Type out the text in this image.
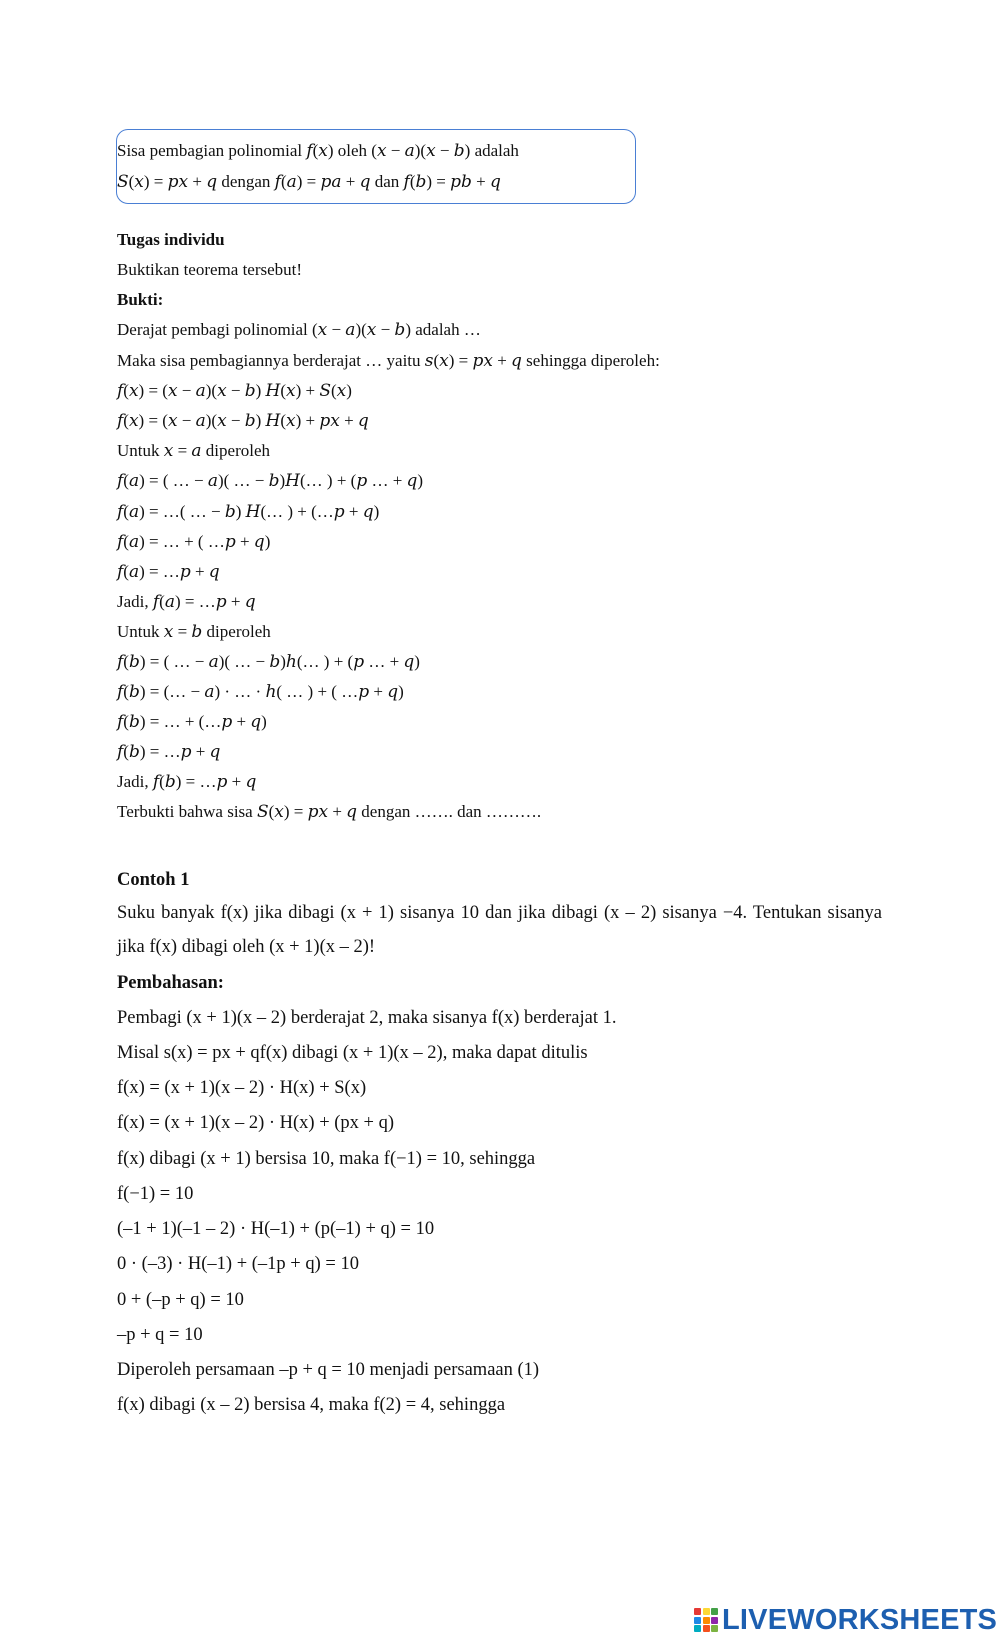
Sisa pembagian polinomial 𝑓(𝑥) oleh (𝑥 − 𝑎)(𝑥 − 𝑏) adalah
𝑆(𝑥) = 𝑝𝑥 + 𝑞 dengan 𝑓(𝑎) = 𝑝𝑎 + 𝑞 dan 𝑓(𝑏) = 𝑝𝑏 + 𝑞
Tugas individu
Buktikan teorema tersebut!
Bukti:
Derajat pembagi polinomial (𝑥 − 𝑎)(𝑥 − 𝑏) adalah …
Maka sisa pembagiannya berderajat … yaitu 𝑠(𝑥) = 𝑝𝑥 + 𝑞 sehingga diperoleh:
𝑓(𝑥) = (𝑥 − 𝑎)(𝑥 − 𝑏) 𝐻(𝑥) + 𝑆(𝑥)
𝑓(𝑥) = (𝑥 − 𝑎)(𝑥 − 𝑏) 𝐻(𝑥) + 𝑝𝑥 + 𝑞
Untuk 𝑥 = 𝑎 diperoleh
𝑓(𝑎) = ( … − 𝑎)( … − 𝑏)𝐻(… ) + (𝑝 … + 𝑞)
𝑓(𝑎) = …( … − 𝑏) 𝐻(… ) + (…𝑝 + 𝑞)
𝑓(𝑎) = … + ( …𝑝 + 𝑞)
𝑓(𝑎) = …𝑝 + 𝑞
Jadi, 𝑓(𝑎) = …𝑝 + 𝑞
Untuk 𝑥 = 𝑏 diperoleh
𝑓(𝑏) = ( … − 𝑎)( … − 𝑏)ℎ(… ) + (𝑝 … + 𝑞)
𝑓(𝑏) = (… − 𝑎) · … · ℎ( … ) + ( …𝑝 + 𝑞)
𝑓(𝑏) = … + (…𝑝 + 𝑞)
𝑓(𝑏) = …𝑝 + 𝑞
Jadi, 𝑓(𝑏) = …𝑝 + 𝑞
Terbukti bahwa sisa 𝑆(𝑥) = 𝑝𝑥 + 𝑞 dengan ……. dan ……….
Contoh 1
Suku banyak f(x) jika dibagi (x + 1) sisanya 10 dan jika dibagi (x – 2) sisanya −4. Tentukan sisanya jika f(x) dibagi oleh (x + 1)(x – 2)!
Pembahasan:
Pembagi (x + 1)(x – 2) berderajat 2, maka sisanya f(x) berderajat 1.
Misal s(x) = px + qf(x) dibagi (x + 1)(x – 2), maka dapat ditulis
f(x) = (x + 1)(x – 2) · H(x) + S(x)
f(x) = (x + 1)(x – 2) · H(x) + (px + q)
f(x) dibagi (x + 1) bersisa 10, maka f(−1) = 10, sehingga
f(−1) = 10
(–1 + 1)(–1 – 2) · H(–1) + (p(–1) + q) = 10
0 · (–3) · H(–1) + (–1p + q) = 10
0 + (–p + q) = 10
–p + q = 10
Diperoleh persamaan –p + q = 10 menjadi persamaan (1)
f(x) dibagi (x – 2) bersisa 4, maka f(2) = 4, sehingga
LIVEWORKSHEETS
